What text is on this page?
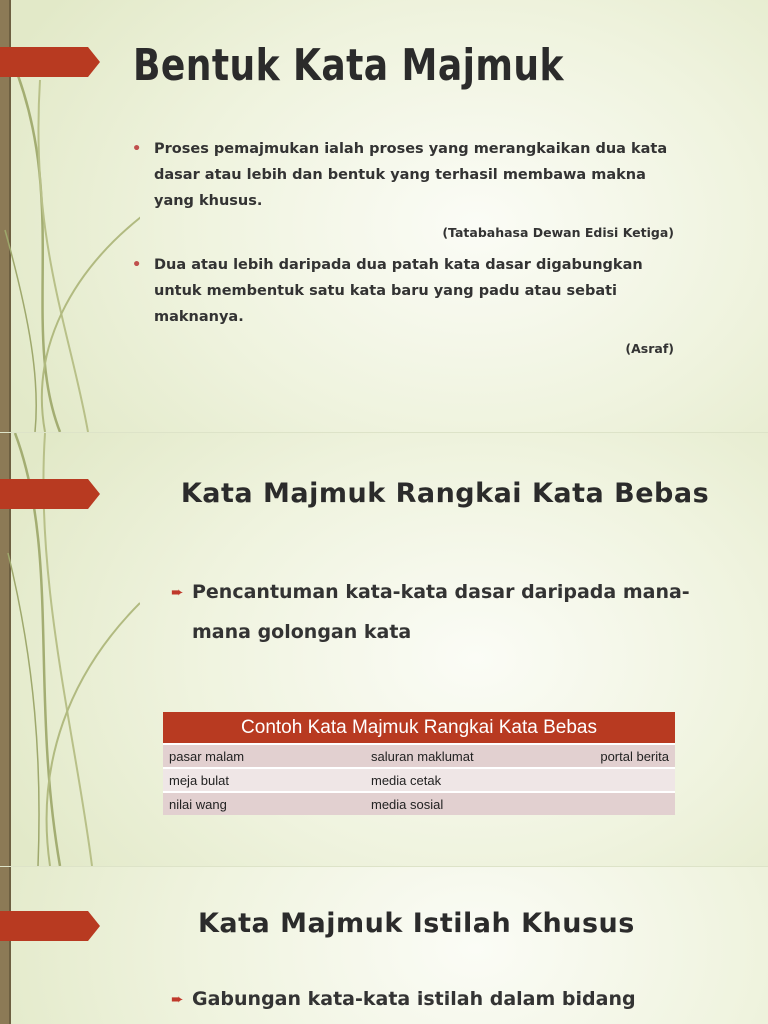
Bentuk Kata Majmuk

• Proses pemajmukan ialah proses yang merangkaikan dua kata dasar atau lebih dan bentuk yang terhasil membawa makna yang khusus.

(Tatabahasa Dewan Edisi Ketiga)

• Dua atau lebih daripada dua patah kata dasar digabungkan untuk membentuk satu kata baru yang padu atau sebati maknanya.

(Asraf)
Kata Majmuk Rangkai Kata Bebas

➨ Pencantuman kata-kata dasar daripada mana-mana golongan kata

Contoh Kata Majmuk Rangkai Kata Bebas		
pasar malam	saluran maklumat	portal berita
meja bulat	media cetak	
nilai wang	media sosial	
Kata Majmuk Istilah Khusus

➨ Gabungan kata-kata istilah dalam bidang
